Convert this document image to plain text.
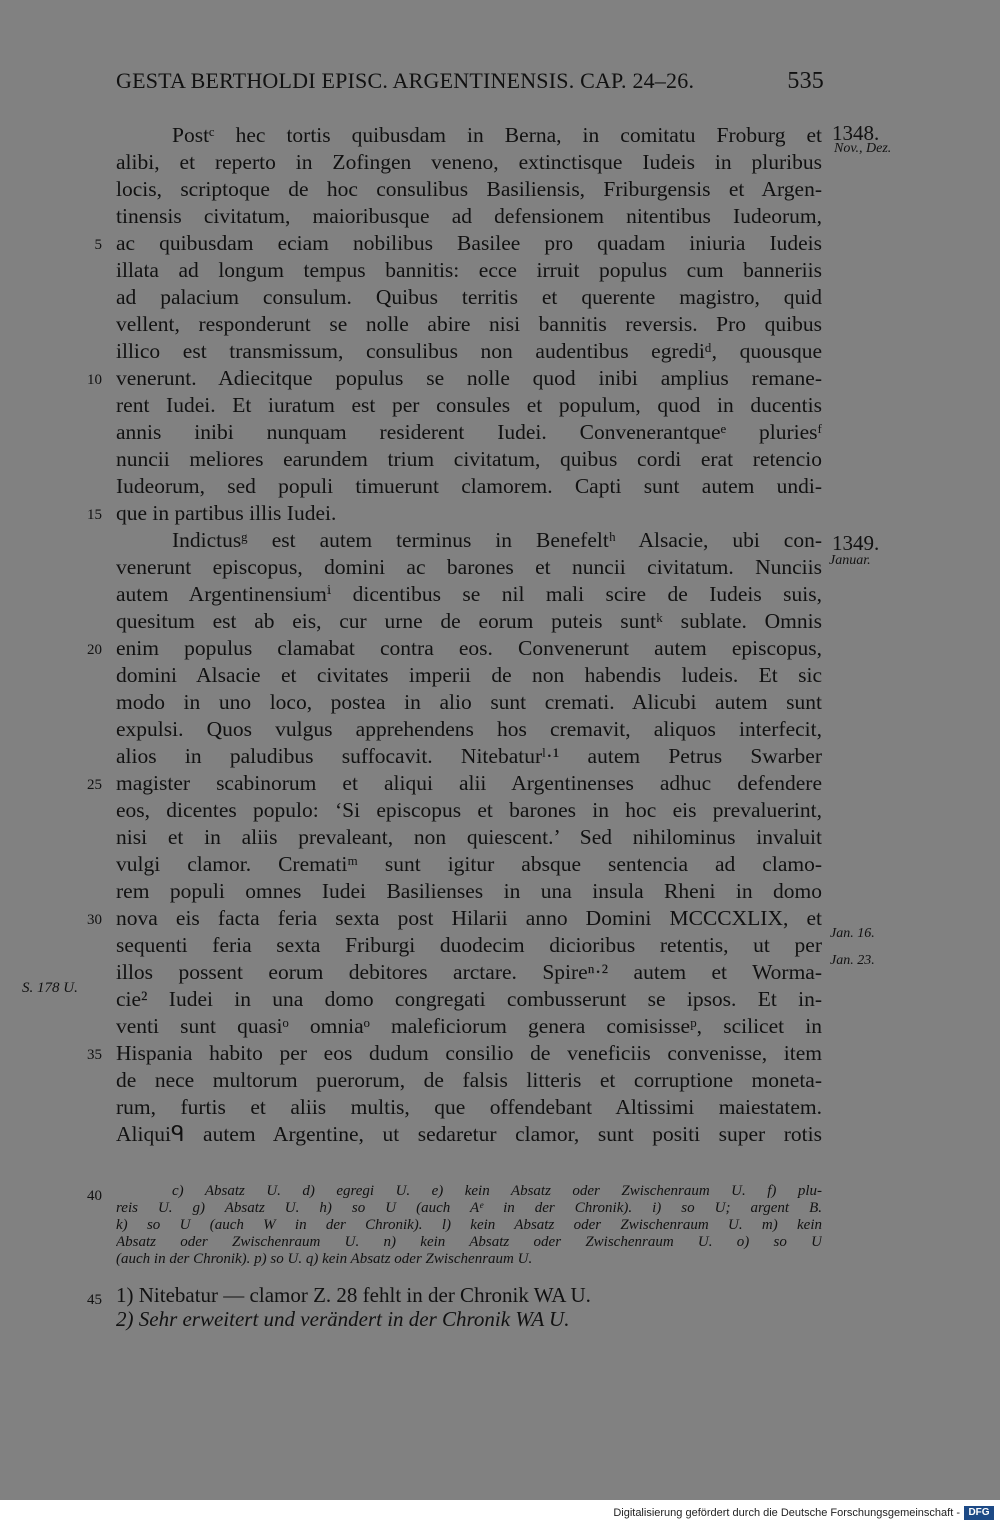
GESTA BERTHOLDI EPISC. ARGENTINENSIS. CAP. 24–26.	535
Postᶜ hec tortis quibusdam in Berna, in comitatu Froburg et
alibi, et reperto in Zofingen veneno, extinctisque Iudeis in pluribus
locis, scriptoque de hoc consulibus Basiliensis, Friburgensis et Argen-
tinensis civitatum, maioribusque ad defensionem nitentibus Iudeorum,
ac quibusdam eciam nobilibus Basilee pro quadam iniuria Iudeis
illata ad longum tempus bannitis: ecce irruit populus cum banneriis
ad palacium consulum. Quibus territis et querente magistro, quid
vellent, responderunt se nolle abire nisi bannitis reversis. Pro quibus
illico est transmissum, consulibus non audentibus egrediᵈ, quousque
venerunt. Adiecitque populus se nolle quod inibi amplius remane-
rent Iudei. Et iuratum est per consules et populum, quod in ducentis
annis inibi nunquam residerent Iudei. Convenerantqueᵉ pluriesᶠ
nuncii meliores earundem trium civitatum, quibus cordi erat retencio
Iudeorum, sed populi timuerunt clamorem. Capti sunt autem undi-
que in partibus illis Iudei.
Indictusᵍ est autem terminus in Benefeltʰ Alsacie, ubi con-
venerunt episcopus, domini ac barones et nuncii civitatum. Nunciis
autem Argentinensiumⁱ dicentibus se nil mali scire de Iudeis suis,
quesitum est ab eis, cur urne de eorum puteis suntᵏ sublate. Omnis
enim populus clamabat contra eos. Convenerunt autem episcopus,
domini Alsacie et civitates imperii de non habendis ludeis. Et sic
modo in uno loco, postea in alio sunt cremati. Alicubi autem sunt
expulsi. Quos vulgus apprehendens hos cremavit, aliquos interfecit,
alios in paludibus suffocavit. Nitebaturˡ·¹ autem Petrus Swarber
magister scabinorum et aliqui alii Argentinenses adhuc defendere
eos, dicentes populo: ‘Si episcopus et barones in hoc eis prevaluerint,
nisi et in aliis prevaleant, non quiescent.’ Sed nihilominus invaluit
vulgi clamor. Crematiᵐ sunt igitur absque sentencia ad clamo-
rem populi omnes Iudei Basilienses in una insula Rheni in domo
nova eis facta feria sexta post Hilarii anno Domini MCCCXLIX, et
sequenti feria sexta Friburgi duodecim dicioribus retentis, ut per
illos possent eorum debitores arctare. Spireⁿ·² autem et Worma-
cie² Iudei in una domo congregati combusserunt se ipsos. Et in-
venti sunt quasiᵒ omniaᵒ maleficiorum genera comisisseᵖ, scilicet in
Hispania habito per eos dudum consilio de veneficiis convenisse, item
de nece multorum puerorum, de falsis litteris et corruptione moneta-
rum, furtis et aliis multis, que offendebant Altissimi maiestatem.
Aliquiᑫ autem Argentine, ut sedaretur clamor, sunt positi super rotis
5
10
15
20
25
30
35
40
45
1348.
Nov., Dez.
1349.
Januar.
Jan. 16.
Jan. 23.
S. 178 U.
c) Absatz U. d) egregi U. e) kein Absatz oder Zwischenraum U. f) plu-
reis U. g) Absatz U. h) so U (auch Aᵉ in der Chronik). i) so U; argent B.
k) so U (auch W in der Chronik). l) kein Absatz oder Zwischenraum U. m) kein
Absatz oder Zwischenraum U. n) kein Absatz oder Zwischenraum U. o) so U
(auch in der Chronik). p) so U. q) kein Absatz oder Zwischenraum U.
1) Nitebatur — clamor Z. 28 fehlt in der Chronik WA U.
2) Sehr erweitert und verändert in der Chronik WA U.
Digitalisierung gefördert durch die Deutsche Forschungsgemeinschaft - DFG
